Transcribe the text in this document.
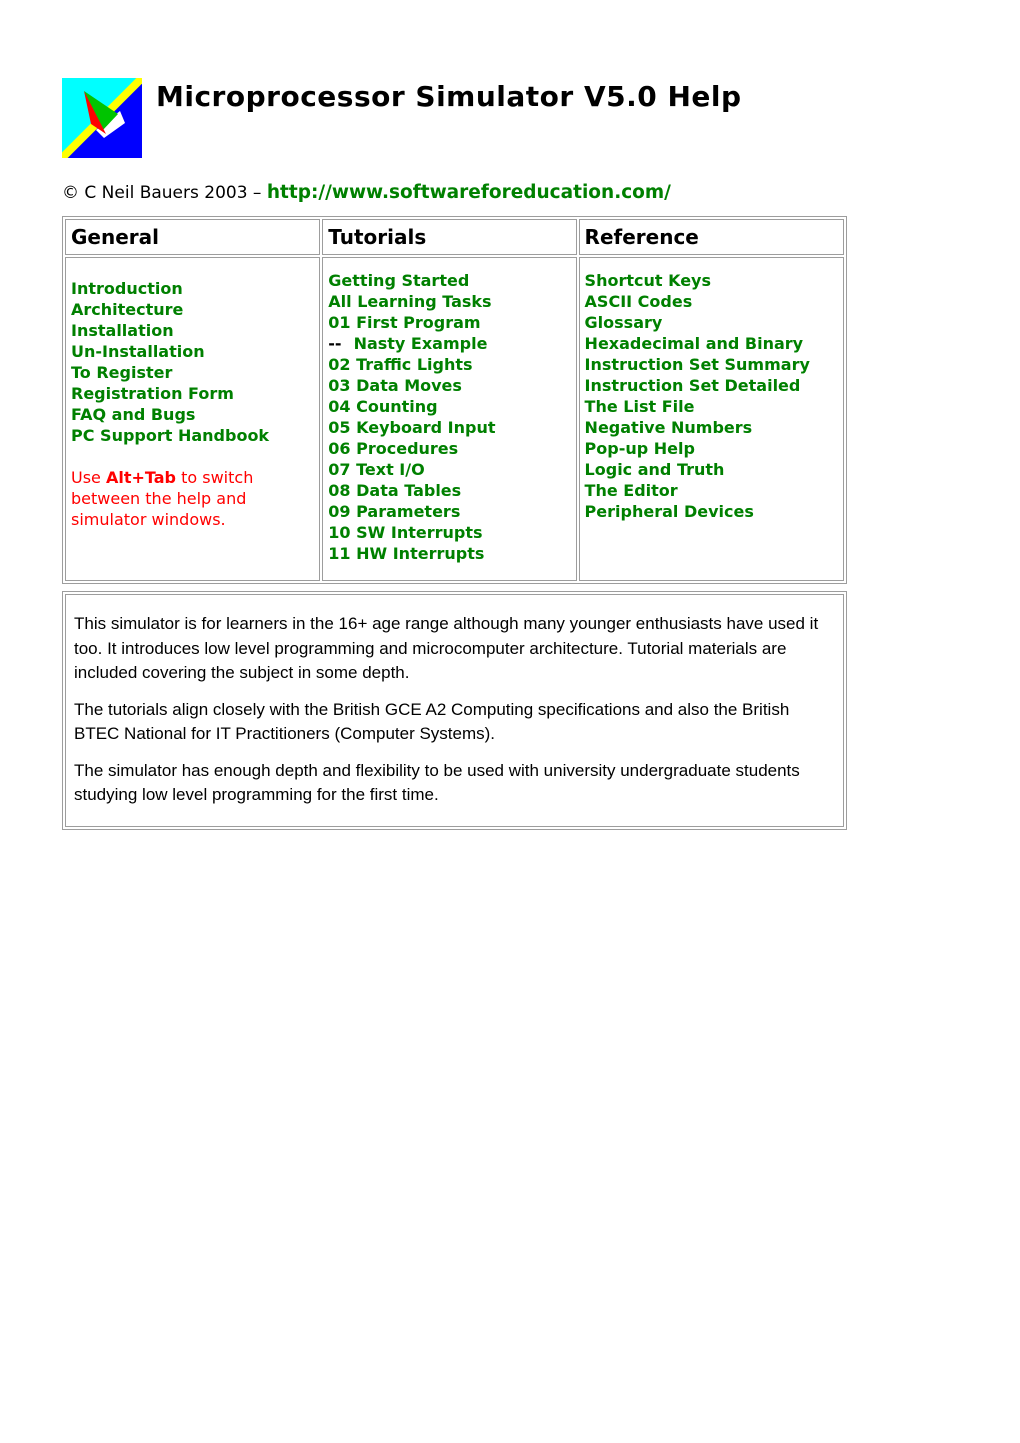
Microprocessor Simulator V5.0 Help
© C Neil Bauers 2003 – http://www.softwareforeducation.com/
General	Tutorials	Reference

Introduction
Architecture
Installation
Un-Installation
To Register
Registration Form
FAQ and Bugs
PC Support Handbook

Use Alt+Tab to switch between the help and simulator windows.

Getting Started
All Learning Tasks
01 First Program
-- Nasty Example
02 Traffic Lights
03 Data Moves
04 Counting
05 Keyboard Input
06 Procedures
07 Text I/O
08 Data Tables
09 Parameters
10 SW Interrupts
11 HW Interrupts

Shortcut Keys
ASCII Codes
Glossary
Hexadecimal and Binary
Instruction Set Summary
Instruction Set Detailed
The List File
Negative Numbers
Pop-up Help
Logic and Truth
The Editor
Peripheral Devices

This simulator is for learners in the 16+ age range although many younger enthusiasts have used it too. It introduces low level programming and microcomputer architecture. Tutorial materials are included covering the subject in some depth.

The tutorials align closely with the British GCE A2 Computing specifications and also the British BTEC National for IT Practitioners (Computer Systems).

The simulator has enough depth and flexibility to be used with university undergraduate students studying low level programming for the first time.
